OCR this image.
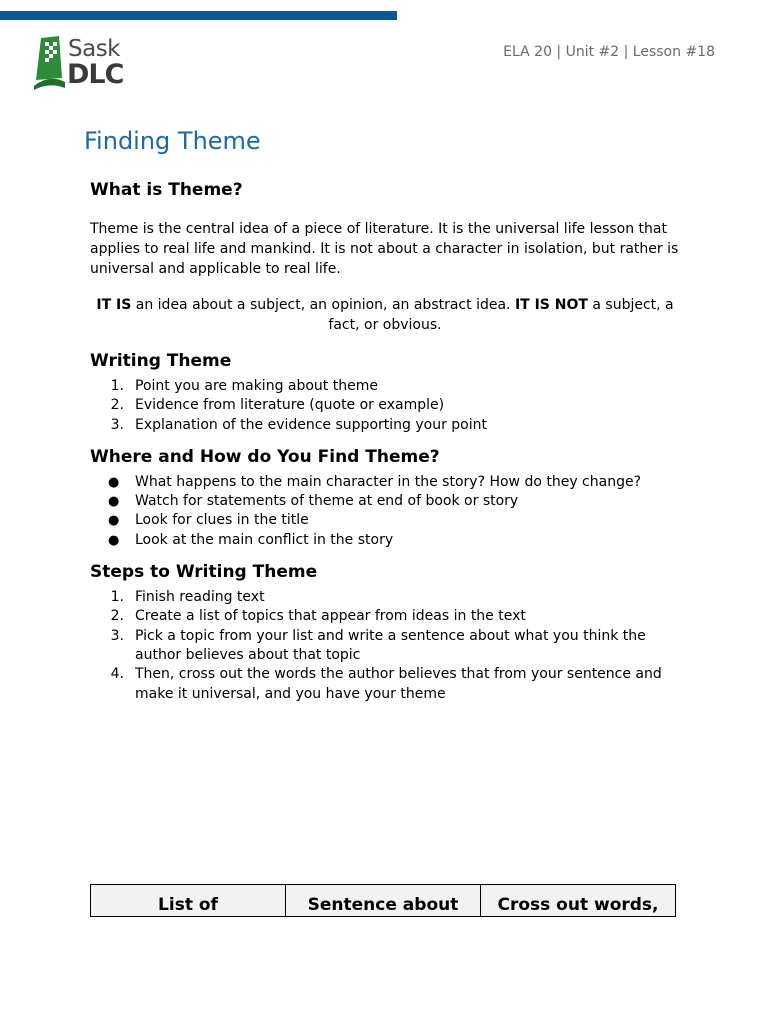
Sask
DLC
ELA 20 | Unit #2 | Lesson #18
Finding Theme
What is Theme?

Theme is the central idea of a piece of literature. It is the universal life lesson that applies to real life and mankind. It is not about a character in isolation, but rather is universal and applicable to real life.

IT IS an idea about a subject, an opinion, an abstract idea. IT IS NOT a subject, a fact, or obvious.

Writing Theme
1. Point you are making about theme
2. Evidence from literature (quote or example)
3. Explanation of the evidence supporting your point
Where and How do You Find Theme?
● What happens to the main character in the story? How do they change?
● Watch for statements of theme at end of book or story
● Look for clues in the title
● Look at the main conflict in the story
Steps to Writing Theme
1. Finish reading text
2. Create a list of topics that appear from ideas in the text
3. Pick a topic from your list and write a sentence about what you think the author believes about that topic
4. Then, cross out the words the author believes that from your sentence and make it universal, and you have your theme
List of	Sentence about	Cross out words,
